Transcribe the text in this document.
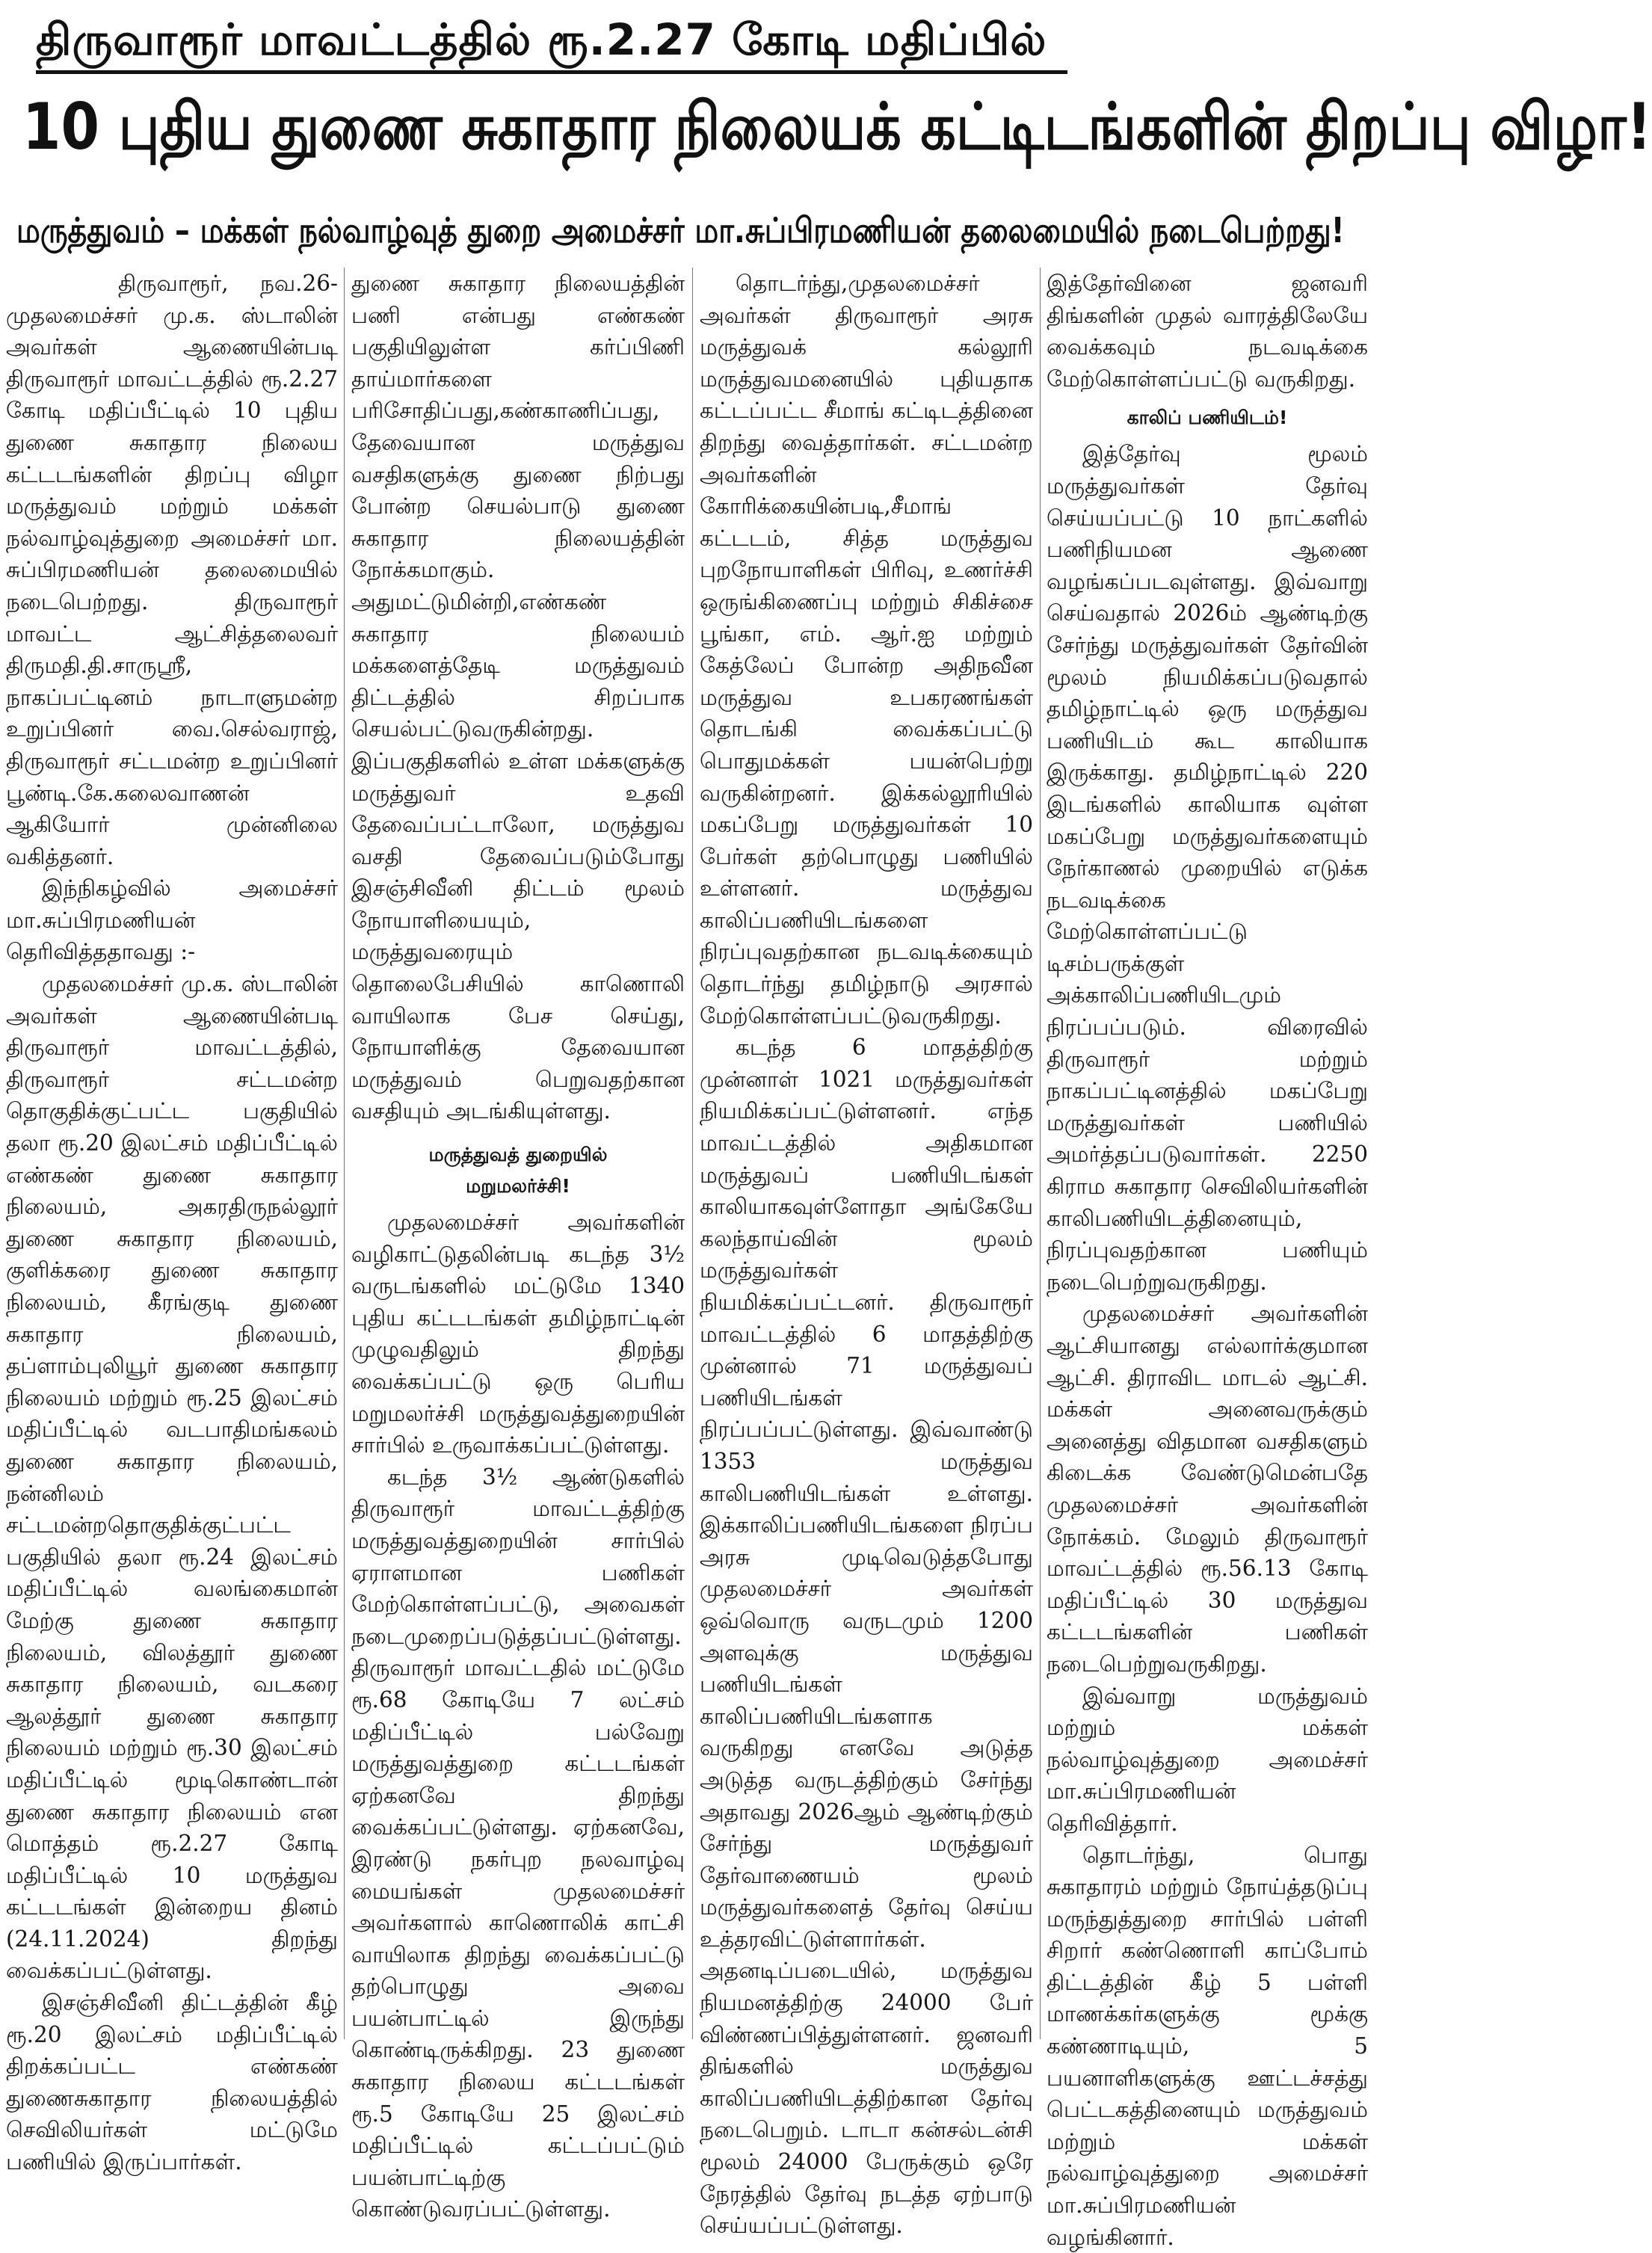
திருவாரூர் மாவட்டத்தில் ரூ.2.27 கோடி மதிப்பில்
10 புதிய துணை சுகாதார நிலையக் கட்டிடங்களின் திறப்பு விழா!
மருத்துவம் – மக்கள் நல்வாழ்வுத் துறை அமைச்சர் மா.சுப்பிரமணியன் தலைமையில் நடைபெற்றது!

திருவாரூர், நவ.26- முதலமைச்சர் மு.க. ஸ்டாலின் அவர்கள் ஆணையின்படி திருவாரூர் மாவட்டத்தில் ரூ.2.27 கோடி மதிப்பீட்டில் 10 புதிய துணை சுகாதார நிலைய கட்டடங்களின் திறப்பு விழா மருத்துவம் மற்றும் மக்கள் நல்வாழ்வுத்துறை அமைச்சர் மா. சுப்பிரமணியன் தலைமையில் நடைபெற்றது. திருவாரூர் மாவட்ட ஆட்சித்தலைவர் திருமதி.தி.சாருஸ்ரீ, நாகப்பட்டினம் நாடாளுமன்ற உறுப்பினர் வை.செல்வராஜ், திருவாரூர் சட்டமன்ற உறுப்பினர் பூண்டி.கே.கலைவாணன் ஆகியோர் முன்னிலை வகித்தனர்.

இந்நிகழ்வில் அமைச்சர் மா.சுப்பிரமணியன் தெரிவித்ததாவது :-

முதலமைச்சர் மு.க. ஸ்டாலின் அவர்கள் ஆணையின்படி திருவாரூர் மாவட்டத்தில், திருவாரூர் சட்டமன்ற தொகுதிக்குட்பட்ட பகுதியில் தலா ரூ.20 இலட்சம் மதிப்பீட்டில் எண்கண் துணை சுகாதார நிலையம், அகரதிருநல்லூர் துணை சுகாதார நிலையம், குளிக்கரை துணை சுகாதார நிலையம், கீரங்குடி துணை சுகாதார நிலையம், தப்ளாம்புலியூர் துணை சுகாதார நிலையம் மற்றும் ரூ.25 இலட்சம் மதிப்பீட்டில் வடபாதிமங்கலம் துணை சுகாதார நிலையம், நன்னிலம் சட்டமன்றதொகுதிக்குட்பட்ட பகுதியில் தலா ரூ.24 இலட்சம் மதிப்பீட்டில் வலங்கைமான் மேற்கு துணை சுகாதார நிலையம், விலத்தூர் துணை சுகாதார நிலையம், வடகரை ஆலத்தூர் துணை சுகாதார நிலையம் மற்றும் ரூ.30 இலட்சம் மதிப்பீட்டில் மூடிகொண்டான் துணை சுகாதார நிலையம் என மொத்தம் ரூ.2.27 கோடி மதிப்பீட்டில் 10 மருத்துவ கட்டடங்கள் இன்றைய தினம் (24.11.2024) திறந்து வைக்கப்பட்டுள்ளது.

இசஞ்சிவீனி திட்டத்தின் கீழ் ரூ.20 இலட்சம் மதிப்பீட்டில் திறக்கப்பட்ட எண்கண் துணைசுகாதார நிலையத்தில் செவிலியர்கள் மட்டுமே பணியில் இருப்பார்கள்.

துணை சுகாதார நிலையத்தின் பணி என்பது எண்கண் பகுதியிலுள்ள கர்ப்பிணி தாய்மார்களை பரிசோதிப்பது,கண்காணிப்பது, தேவையான மருத்துவ வசதிகளுக்கு துணை நிற்பது போன்ற செயல்பாடு துணை சுகாதார நிலையத்தின் நோக்கமாகும். அதுமட்டுமின்றி,எண்கண் சுகாதார நிலையம் மக்களைத்தேடி மருத்துவம் திட்டத்தில் சிறப்பாக செயல்பட்டுவருகின்றது. இப்பகுதிகளில் உள்ள மக்களுக்கு மருத்துவர் உதவி தேவைப்பட்டாலோ, மருத்துவ வசதி தேவைப்படும்போது இசஞ்சிவீனி திட்டம் மூலம் நோயாளியையும், மருத்துவரையும் தொலைபேசியில் காணொலி வாயிலாக பேச செய்து, நோயாளிக்கு தேவையான மருத்துவம் பெறுவதற்கான வசதியும் அடங்கியுள்ளது.

மருத்துவத் துறையில்
மறுமலர்ச்சி!

முதலமைச்சர் அவர்களின் வழிகாட்டுதலின்படி கடந்த 3½ வருடங்களில் மட்டுமே 1340 புதிய கட்டடங்கள் தமிழ்நாட்டின் முழுவதிலும் திறந்து வைக்கப்பட்டு ஒரு பெரிய மறுமலர்ச்சி மருத்துவத்துறையின் சார்பில் உருவாக்கப்பட்டுள்ளது.

கடந்த 3½ ஆண்டுகளில் திருவாரூர் மாவட்டத்திற்கு மருத்துவத்துறையின் சார்பில் ஏராளமான பணிகள் மேற்கொள்ளப்பட்டு, அவைகள் நடைமுறைப்படுத்தப்பட்டுள்ளது. திருவாரூர் மாவட்டதில் மட்டுமே ரூ.68 கோடியே 7 லட்சம் மதிப்பீட்டில் பல்வேறு மருத்துவத்துறை கட்டடங்கள் ஏற்கனவே திறந்து வைக்கப்பட்டுள்ளது. ஏற்கனவே, இரண்டு நகர்புற நலவாழ்வு மையங்கள் முதலமைச்சர் அவர்களால் காணொலிக் காட்சி வாயிலாக திறந்து வைக்கப்பட்டு தற்பொழுது அவை பயன்பாட்டில் இருந்து கொண்டிருக்கிறது. 23 துணை சுகாதார நிலைய கட்டடங்கள் ரூ.5 கோடியே 25 இலட்சம் மதிப்பீட்டில் கட்டப்பட்டும் பயன்பாட்டிற்கு கொண்டுவரப்பட்டுள்ளது.

தொடர்ந்து,முதலமைச்சர் அவர்கள் திருவாரூர் அரசு மருத்துவக் கல்லூரி மருத்துவமனையில் புதியதாக கட்டப்பட்ட சீமாங் கட்டிடத்தினை திறந்து வைத்தார்கள். சட்டமன்ற அவர்களின் கோரிக்கையின்படி,சீமாங் கட்டடம், சித்த மருத்துவ புறநோயாளிகள் பிரிவு, உணர்ச்சி ஒருங்கிணைப்பு மற்றும் சிகிச்சை பூங்கா, எம். ஆர்.ஐ மற்றும் கேத்லேப் போன்ற அதிநவீன மருத்துவ உபகரணங்கள் தொடங்கி வைக்கப்பட்டு பொதுமக்கள் பயன்பெற்று வருகின்றனர். இக்கல்லூரியில் மகப்பேறு மருத்துவர்கள் 10 பேர்கள் தற்பொழுது பணியில் உள்ளனர். மருத்துவ காலிப்பணியிடங்களை நிரப்புவதற்கான நடவடிக்கையும் தொடர்ந்து தமிழ்நாடு அரசால் மேற்கொள்ளப்பட்டுவருகிறது.

கடந்த 6 மாதத்திற்கு முன்னாள் 1021 மருத்துவர்கள் நியமிக்கப்பட்டுள்ளனர். எந்த மாவட்டத்தில் அதிகமான மருத்துவப் பணியிடங்கள் காலியாகவுள்ளோதா அங்கேயே கலந்தாய்வின் மூலம் மருத்துவர்கள் நியமிக்கப்பட்டனர். திருவாரூர் மாவட்டத்தில் 6 மாதத்திற்கு முன்னால் 71 மருத்துவப் பணியிடங்கள் நிரப்பப்பட்டுள்ளது. இவ்வாண்டு 1353 மருத்துவ காலிபணியிடங்கள் உள்ளது. இக்காலிப்பணியிடங்களை நிரப்ப அரசு முடிவெடுத்தபோது முதலமைச்சர் அவர்கள் ஒவ்வொரு வருடமும் 1200 அளவுக்கு மருத்துவ பணியிடங்கள் காலிப்பணியிடங்களாக வருகிறது எனவே அடுத்த அடுத்த வருடத்திற்கும் சேர்ந்து அதாவது 2026ஆம் ஆண்டிற்கும் சேர்ந்து மருத்துவர் தேர்வாணையம் மூலம் மருத்துவர்களைத் தேர்வு செய்ய உத்தரவிட்டுள்ளார்கள். அதனடிப்படையில், மருத்துவ நியமனத்திற்கு 24000 பேர் விண்ணப்பித்துள்ளனர். ஜனவரி திங்களில் மருத்துவ காலிப்பணியிடத்திற்கான தேர்வு நடைபெறும். டாடா கன்சல்டன்சி மூலம் 24000 பேருக்கும் ஒரே நேரத்தில் தேர்வு நடத்த ஏற்பாடு செய்யப்பட்டுள்ளது.

இத்தேர்வினை ஜனவரி திங்களின் முதல் வாரத்திலேயே வைக்கவும் நடவடிக்கை மேற்கொள்ளப்பட்டு வருகிறது.

காலிப் பணியிடம்!

இத்தேர்வு மூலம் மருத்துவர்கள் தேர்வு செய்யப்பட்டு 10 நாட்களில் பணிநியமன ஆணை வழங்கப்படவுள்ளது. இவ்வாறு செய்வதால் 2026ம் ஆண்டிற்கு சேர்ந்து மருத்துவர்கள் தேர்வின் மூலம் நியமிக்கப்படுவதால் தமிழ்நாட்டில் ஒரு மருத்துவ பணியிடம் கூட காலியாக இருக்காது. தமிழ்நாட்டில் 220 இடங்களில் காலியாக வுள்ள மகப்பேறு மருத்துவர்களையும் நேர்காணல் முறையில் எடுக்க நடவடிக்கை மேற்கொள்ளப்பட்டு டிசம்பருக்குள் அக்காலிப்பணியிடமும் நிரப்பப்படும். விரைவில் திருவாரூர் மற்றும் நாகப்பட்டினத்தில் மகப்பேறு மருத்துவர்கள் பணியில் அமர்த்தப்படுவார்கள். 2250 கிராம சுகாதார செவிலியர்களின் காலிபணியிடத்தினையும், நிரப்புவதற்கான பணியும் நடைபெற்றுவருகிறது.

முதலமைச்சர் அவர்களின் ஆட்சியானது எல்லார்க்குமான ஆட்சி. திராவிட மாடல் ஆட்சி. மக்கள் அனைவருக்கும் அனைத்து விதமான வசதிகளும் கிடைக்க வேண்டுமென்பதே முதலமைச்சர் அவர்களின் நோக்கம். மேலும் திருவாரூர் மாவட்டத்தில் ரூ.56.13 கோடி மதிப்பீட்டில் 30 மருத்துவ கட்டடங்களின் பணிகள் நடைபெற்றுவருகிறது.

இவ்வாறு மருத்துவம் மற்றும் மக்கள் நல்வாழ்வுத்துறை அமைச்சர் மா.சுப்பிரமணியன் தெரிவித்தார்.

தொடர்ந்து, பொது சுகாதாரம் மற்றும் நோய்த்தடுப்பு மருந்துத்துறை சார்பில் பள்ளி சிறார் கண்ணொளி காப்போம் திட்டத்தின் கீழ் 5 பள்ளி மாணக்கர்களுக்கு மூக்கு கண்ணாடியும், 5 பயனாளிகளுக்கு ஊட்டச்சத்து பெட்டகத்தினையும் மருத்துவம் மற்றும் மக்கள் நல்வாழ்வுத்துறை அமைச்சர் மா.சுப்பிரமணியன் வழங்கினார்.
